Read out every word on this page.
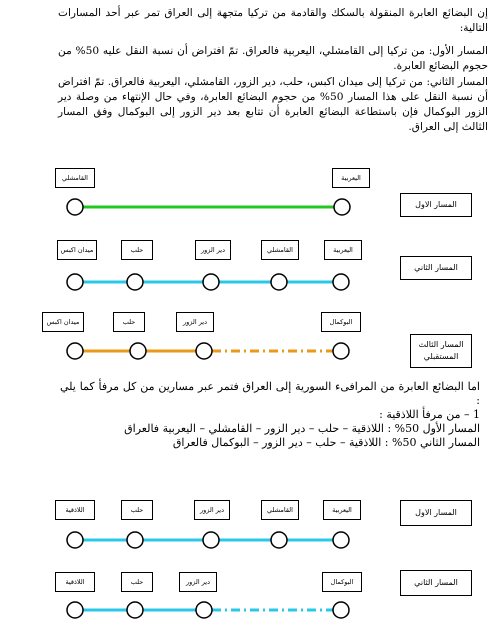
إن البضائع العابرة المنقولة بالسكك والقادمة من تركيا متجهة إلى العراق تمر عبر أحد المسارات التالية:
المسار الأول: من تركيا إلى القامشلي، اليعربية فالعراق. تمّ افتراض أن نسبة النقل عليه 50% من حجوم البضائع العابرة.
المسار الثاني: من تركيا إلى ميدان اكبس، حلب، دير الزور، القامشلي، اليعربية فالعراق. تمّ افتراض أن نسبة النقل على هذا المسار 50% من حجوم البضائع العابرة، وفي حال الإنتهاء من وصلة دير الزور البوكمال فإن باستطاعة البضائع العابرة أن تتابع بعد دير الزور إلى البوكمال وفق المسار الثالث إلى العراق.
اما البضائع العابرة من المرافىء السورية إلى العراق فتمر عبر مسارين من كل مرفأ كما يلي :
1 – من مرفأ اللاذقية :
المسار الأول 50% : اللاذقية – حلب – دير الزور – القامشلي – اليعربية فالعراق
المسار الثاني 50% : اللاذقية – حلب – دير الزور – البوكمال فالعراق
القامشلي	اليعربية
المسار الاول
ميدان اكبس	حلب	دير الزور	القامشلي	اليعربية
المسار الثاني
ميدان اكبس	حلب	دير الزور	البوكمال
المسار الثالث المستقبلي
اللاذقية	حلب	دير الزور	القامشلي	اليعربية	المسار الاول
اللاذقية	حلب	دير الزور	البوكمال	المسار الثاني
